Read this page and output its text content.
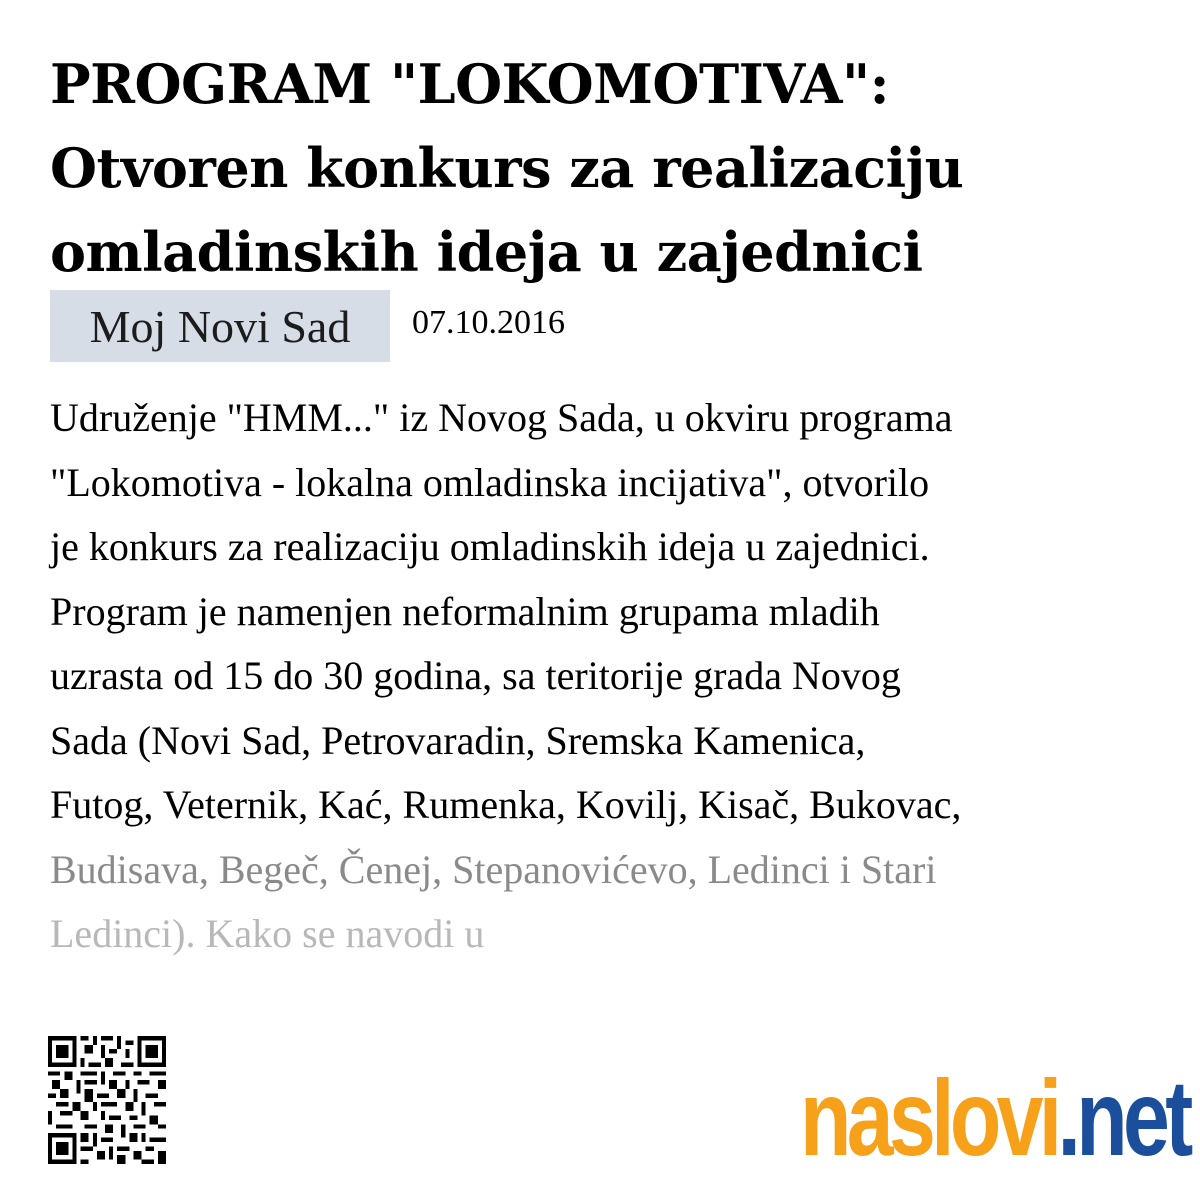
PROGRAM "LOKOMOTIVA":
Otvoren konkurs za realizaciju
omladinskih ideja u zajednici
Moj Novi Sad	07.10.2016
Udruženje "HMM..." iz Novog Sada, u okviru programa
"Lokomotiva - lokalna omladinska incijativa", otvorilo
je konkurs za realizaciju omladinskih ideja u zajednici.
Program je namenjen neformalnim grupama mladih
uzrasta od 15 do 30 godina, sa teritorije grada Novog
Sada (Novi Sad, Petrovaradin, Sremska Kamenica,
Futog, Veternik, Kać, Rumenka, Kovilj, Kisač, Bukovac,
Budisava, Begeč, Čenej, Stepanovićevo, Ledinci i Stari
Ledinci). Kako se navodi u
naslovi.net
